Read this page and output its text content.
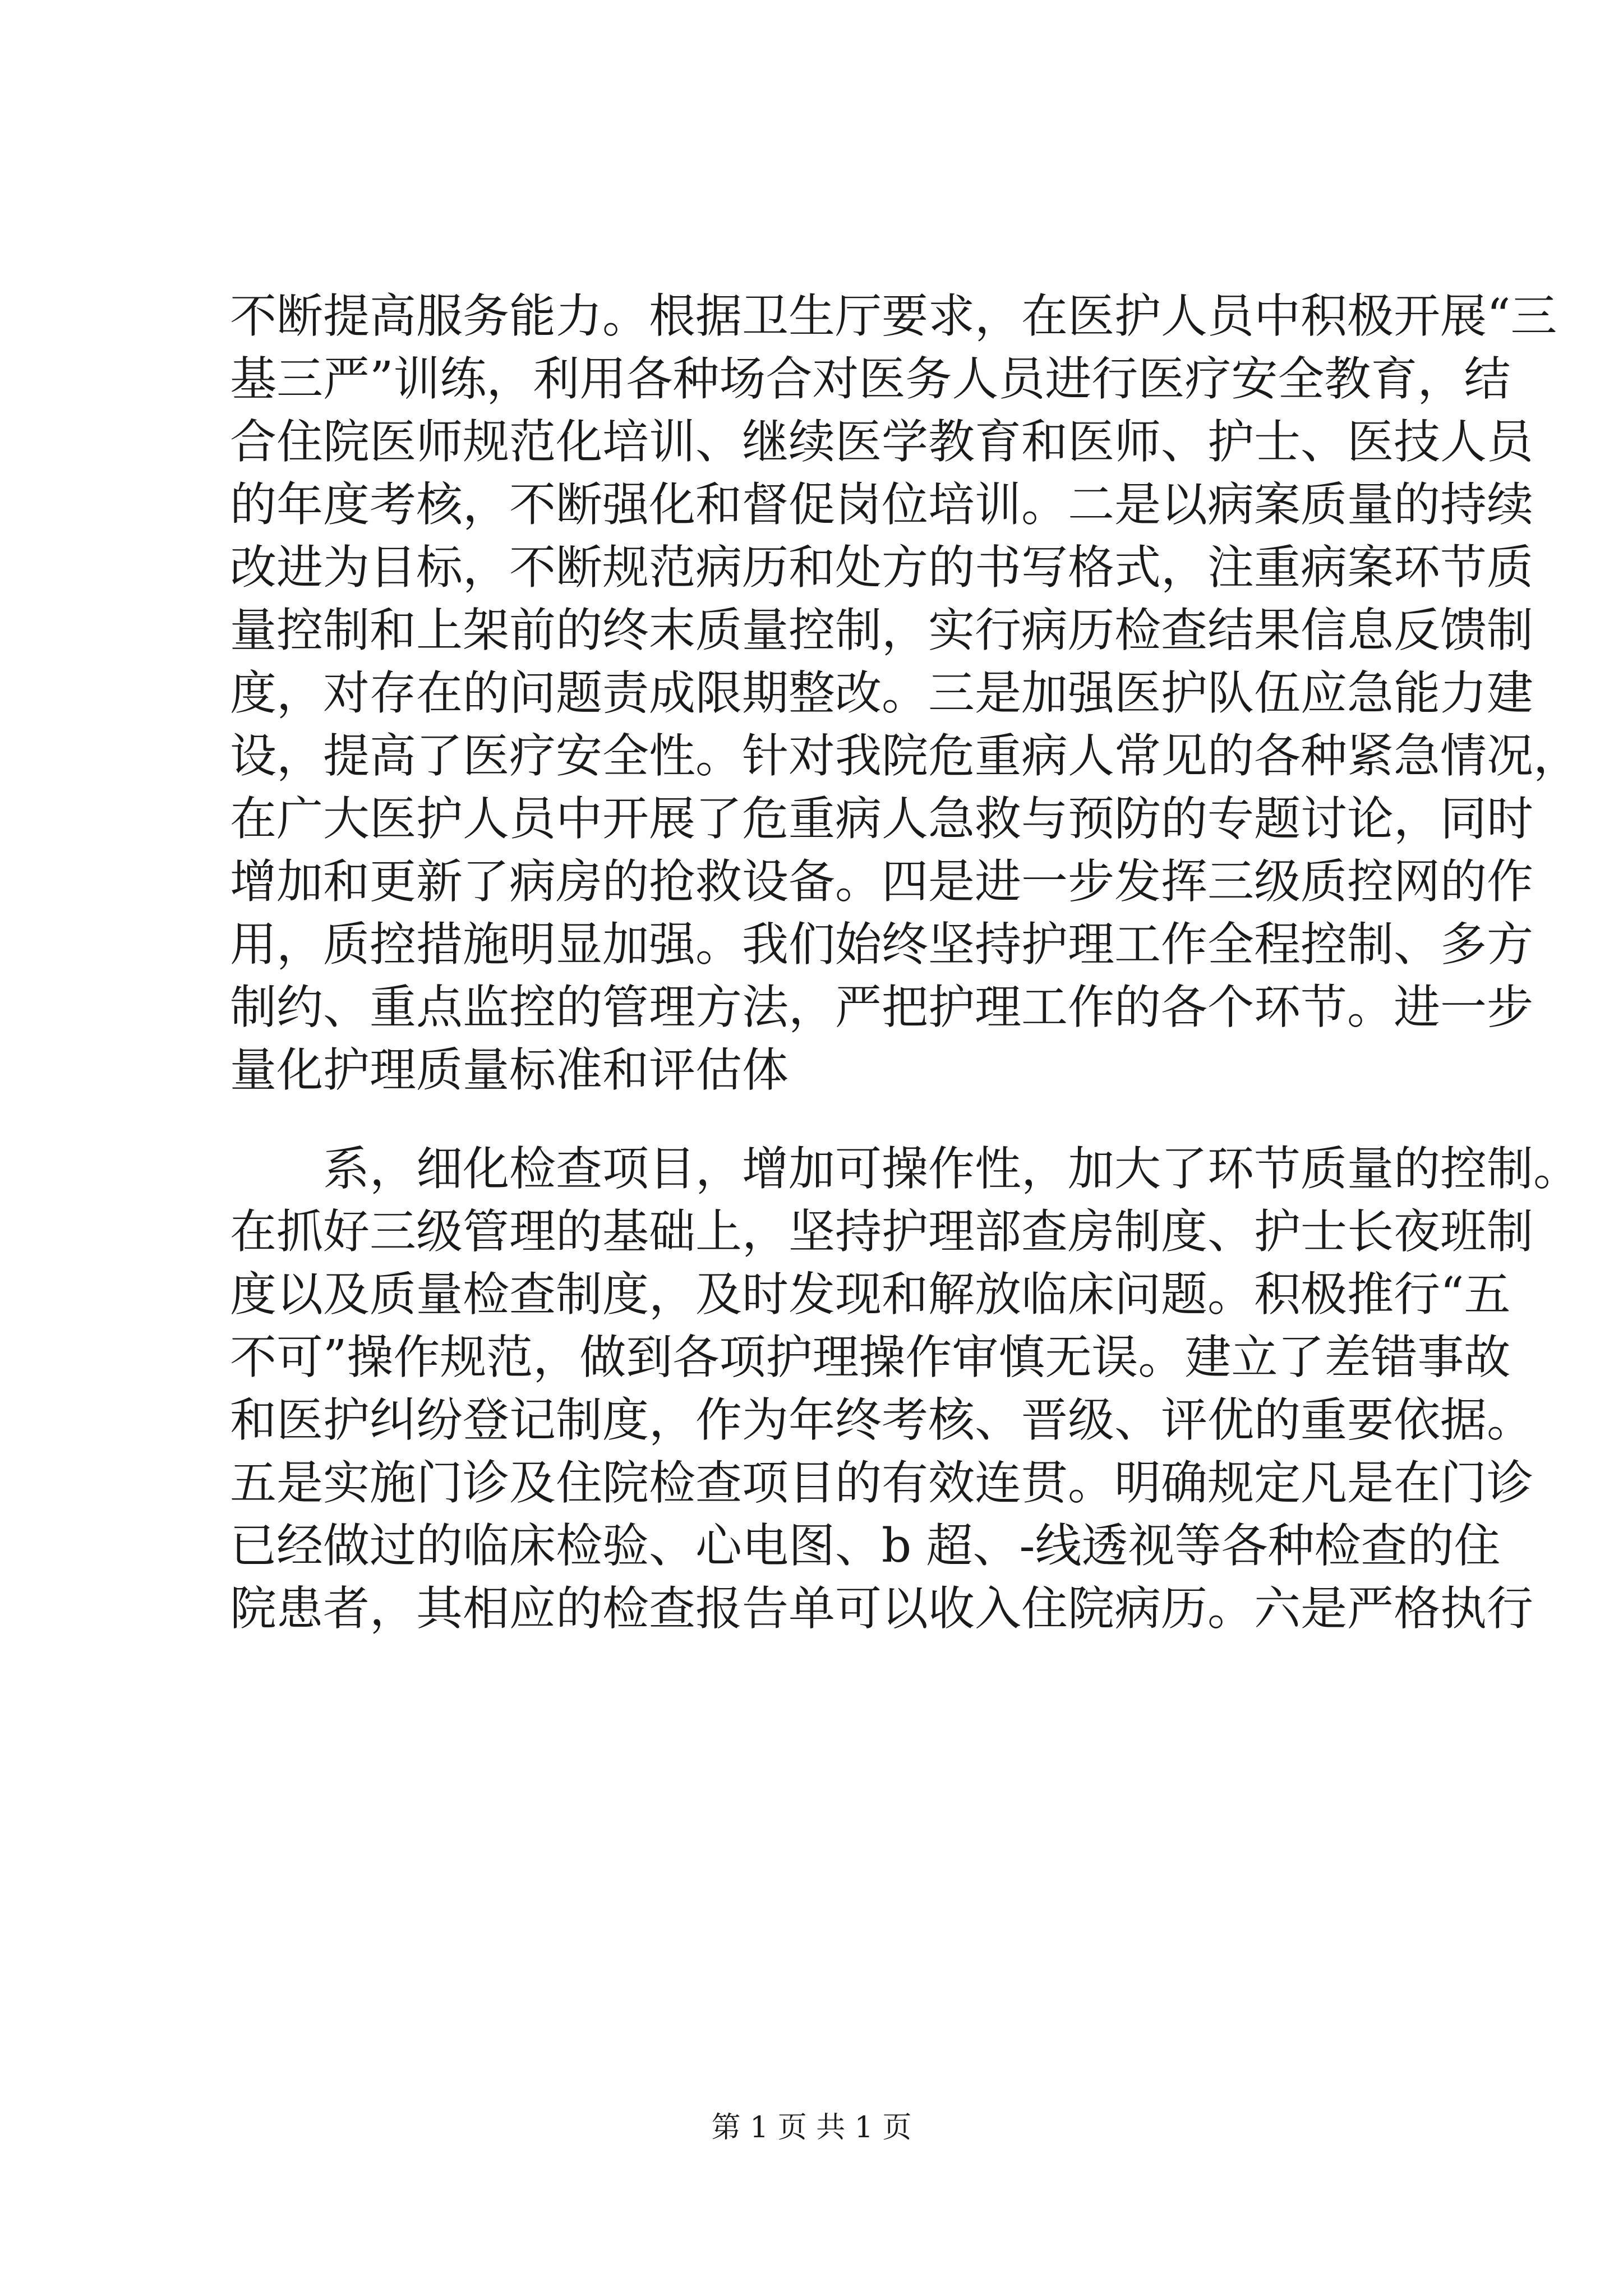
不断提高服务能力。根据卫生厅要求，在医护人员中积极开展“三
基三严”训练，利用各种场合对医务人员进行医疗安全教育，结
合住院医师规范化培训、继续医学教育和医师、护士、医技人员
的年度考核，不断强化和督促岗位培训。二是以病案质量的持续
改进为目标，不断规范病历和处方的书写格式，注重病案环节质
量控制和上架前的终末质量控制，实行病历检查结果信息反馈制
度，对存在的问题责成限期整改。三是加强医护队伍应急能力建
设，提高了医疗安全性。针对我院危重病人常见的各种紧急情况，
在广大医护人员中开展了危重病人急救与预防的专题讨论，同时
增加和更新了病房的抢救设备。四是进一步发挥三级质控网的作
用，质控措施明显加强。我们始终坚持护理工作全程控制、多方
制约、重点监控的管理方法，严把护理工作的各个环节。进一步
量化护理质量标准和评估体
系，细化检查项目，增加可操作性，加大了环节质量的控制。
在抓好三级管理的基础上，坚持护理部查房制度、护士长夜班制
度以及质量检查制度，及时发现和解放临床问题。积极推行“五
不可”操作规范，做到各项护理操作审慎无误。建立了差错事故
和医护纠纷登记制度，作为年终考核、晋级、评优的重要依据。
五是实施门诊及住院检查项目的有效连贯。明确规定凡是在门诊
已经做过的临床检验、心电图、b 超、-线透视等各种检查的住
院患者，其相应的检查报告单可以收入住院病历。六是严格执行
第 1 页 共 1 页
